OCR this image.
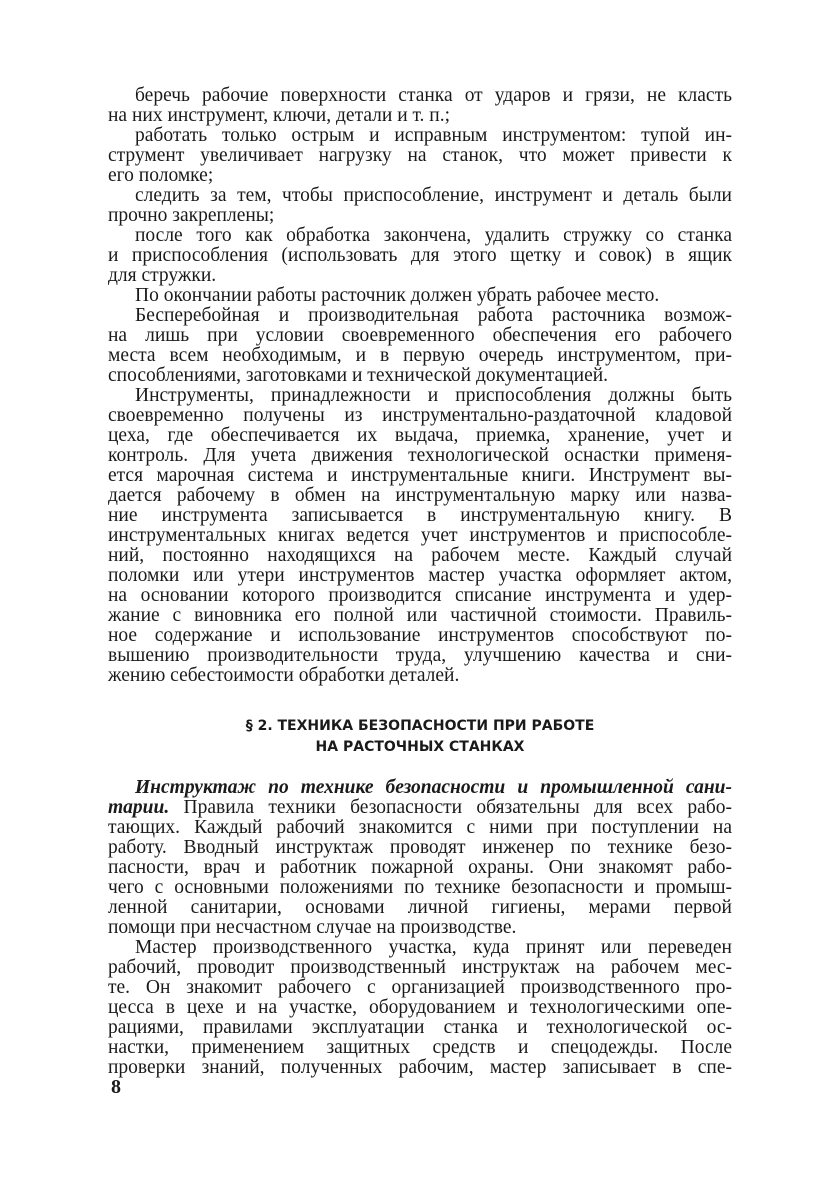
беречь рабочие поверхности станка от ударов и грязи, не класть
на них инструмент, ключи, детали и т. п.;
работать только острым и исправным инструментом: тупой ин-
струмент увеличивает нагрузку на станок, что может привести к
его поломке;
следить за тем, чтобы приспособление, инструмент и деталь были
прочно закреплены;
после того как обработка закончена, удалить стружку со станка
и приспособления (использовать для этого щетку и совок) в ящик
для стружки.
По окончании работы расточник должен убрать рабочее место.
Бесперебойная и производительная работа расточника возмож-
на лишь при условии своевременного обеспечения его рабочего
места всем необходимым, и в первую очередь инструментом, при-
способлениями, заготовками и технической документацией.
Инструменты, принадлежности и приспособления должны быть
своевременно получены из инструментально-раздаточной кладовой
цеха, где обеспечивается их выдача, приемка, хранение, учет и
контроль. Для учета движения технологической оснастки применя-
ется марочная система и инструментальные книги. Инструмент вы-
дается рабочему в обмен на инструментальную марку или назва-
ние инструмента записывается в инструментальную книгу. В
инструментальных книгах ведется учет инструментов и приспособле-
ний, постоянно находящихся на рабочем месте. Каждый случай
поломки или утери инструментов мастер участка оформляет актом,
на основании которого производится списание инструмента и удер-
жание с виновника его полной или частичной стоимости. Правиль-
ное содержание и использование инструментов способствуют по-
вышению производительности труда, улучшению качества и сни-
жению себестоимости обработки деталей.
§ 2. ТЕХНИКА БЕЗОПАСНОСТИ ПРИ РАБОТЕ
НА РАСТОЧНЫХ СТАНКАХ
Инструктаж по технике безопасности и промышленной сани-
тарии. Правила техники безопасности обязательны для всех рабо-
тающих. Каждый рабочий знакомится с ними при поступлении на
работу. Вводный инструктаж проводят инженер по технике безо-
пасности, врач и работник пожарной охраны. Они знакомят рабо-
чего с основными положениями по технике безопасности и промыш-
ленной санитарии, основами личной гигиены, мерами первой
помощи при несчастном случае на производстве.
Мастер производственного участка, куда принят или переведен
рабочий, проводит производственный инструктаж на рабочем мес-
те. Он знакомит рабочего с организацией производственного про-
цесса в цехе и на участке, оборудованием и технологическими опе-
рациями, правилами эксплуатации станка и технологической ос-
настки, применением защитных средств и спецодежды. После
проверки знаний, полученных рабочим, мастер записывает в спе-
8
